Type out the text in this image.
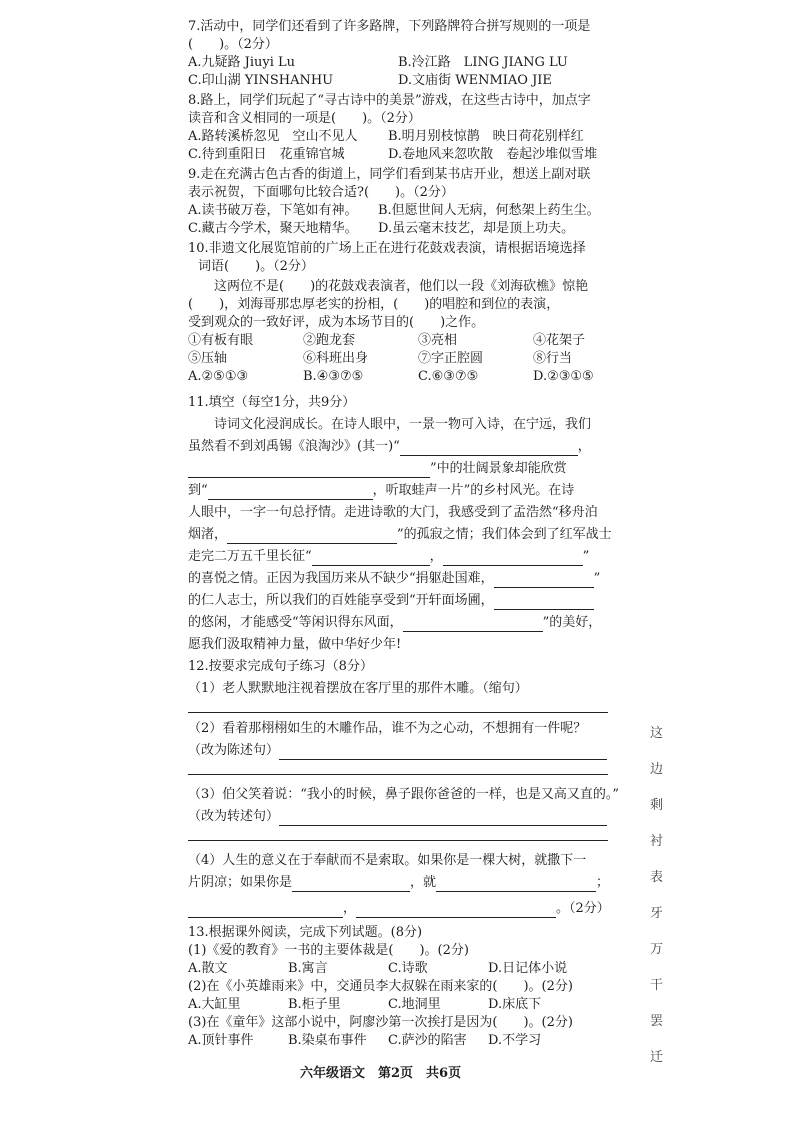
7.活动中，同学们还看到了许多路牌，下列路牌符合拼写规则的一项是
(　　)。（2分）
A.九疑路 Jiuyi Lu	B.泠江路　LING JIANG LU
C.印山湖 YINSHANHU	D.文庙街 WENMIAO JIE
8.路上，同学们玩起了“寻古诗中的美景”游戏，在这些古诗中，加点字
读音和含义相同的一项是(　　)。（2分）
A.路转溪桥忽见　空山不见人	B.明月别枝惊鹊　映日荷花别样红
C.待到重阳日　花重锦官城	D.卷地风来忽吹散　卷起沙堆似雪堆
9.走在充满古色古香的街道上，同学们看到某书店开业，想送上副对联
表示祝贺，下面哪句比较合适?(　　)。（2分）
A.读书破万卷，下笔如有神。	B.但愿世间人无病，何愁架上药生尘。
C.藏古今学术，聚天地精华。	D.虽云毫末技艺，却是顶上功夫。
10.非遗文化展览馆前的广场上正在进行花鼓戏表演，请根据语境选择
词语(　　)。（2分）
这两位不是(　　)的花鼓戏表演者，他们以一段《刘海砍樵》惊艳
(　　)，刘海哥那忠厚老实的扮相，(　　)的唱腔和到位的表演，
受到观众的一致好评，成为本场节目的(　　)之作。
①有板有眼	②跑龙套	③亮相	④花架子
⑤压轴	⑥科班出身	⑦字正腔圆	⑧行当
A.②⑤①③	B.④③⑦⑤	C.⑥③⑦⑤	D.②③①⑤
11.填空（每空1分，共9分）
诗词文化浸润成长。在诗人眼中，一景一物可入诗，在宁远，我们
虽然看不到刘禹锡《浪淘沙》(其一)“	，
”中的壮阔景象却能欣赏
到“	，听取蛙声一片”的乡村风光。在诗
人眼中，一字一句总抒情。走进诗歌的大门，我感受到了孟浩然“移舟泊
烟渚，	”的孤寂之情；我们体会到了红军战士
走完二万五千里长征“	，	”
的喜悦之情。正因为我国历来从不缺少“捐躯赴国难，	”
的仁人志士，所以我们的百姓能享受到“开轩面场圃，
的悠闲，才能感受“等闲识得东风面，	”的美好，
愿我们汲取精神力量，做中华好少年!
12.按要求完成句子练习（8分）
（1）老人默默地注视着摆放在客厅里的那件木雕。（缩句）
（2）看着那栩栩如生的木雕作品，谁不为之心动，不想拥有一件呢？
（改为陈述句）
（3）伯父笑着说：“我小的时候，鼻子跟你爸爸的一样，也是又高又直的。”
（改为转述句）
（4）人生的意义在于奉献而不是索取。如果你是一棵大树，就撒下一
片阴凉；如果你是	，就	；
，	。（2分）
13.根据课外阅读，完成下列试题。(8分)
(1)《爱的教育》一书的主要体裁是(　　)。(2分)
A.散文	B.寓言	C.诗歌	D.日记体小说
(2)在《小英雄雨来》中，交通员李大叔躲在雨来家的(　　)。(2分)
A.大缸里	B.柜子里	C.地洞里	D.床底下
(3)在《童年》这部小说中，阿廖沙第一次挨打是因为(　　)。(2分)
A.顶针事件	B.染桌布事件	C.萨沙的陷害	D.不学习
六年级语文　第2页　共6页
这
边
剩
衬
表
牙
万
干
罢
迁
